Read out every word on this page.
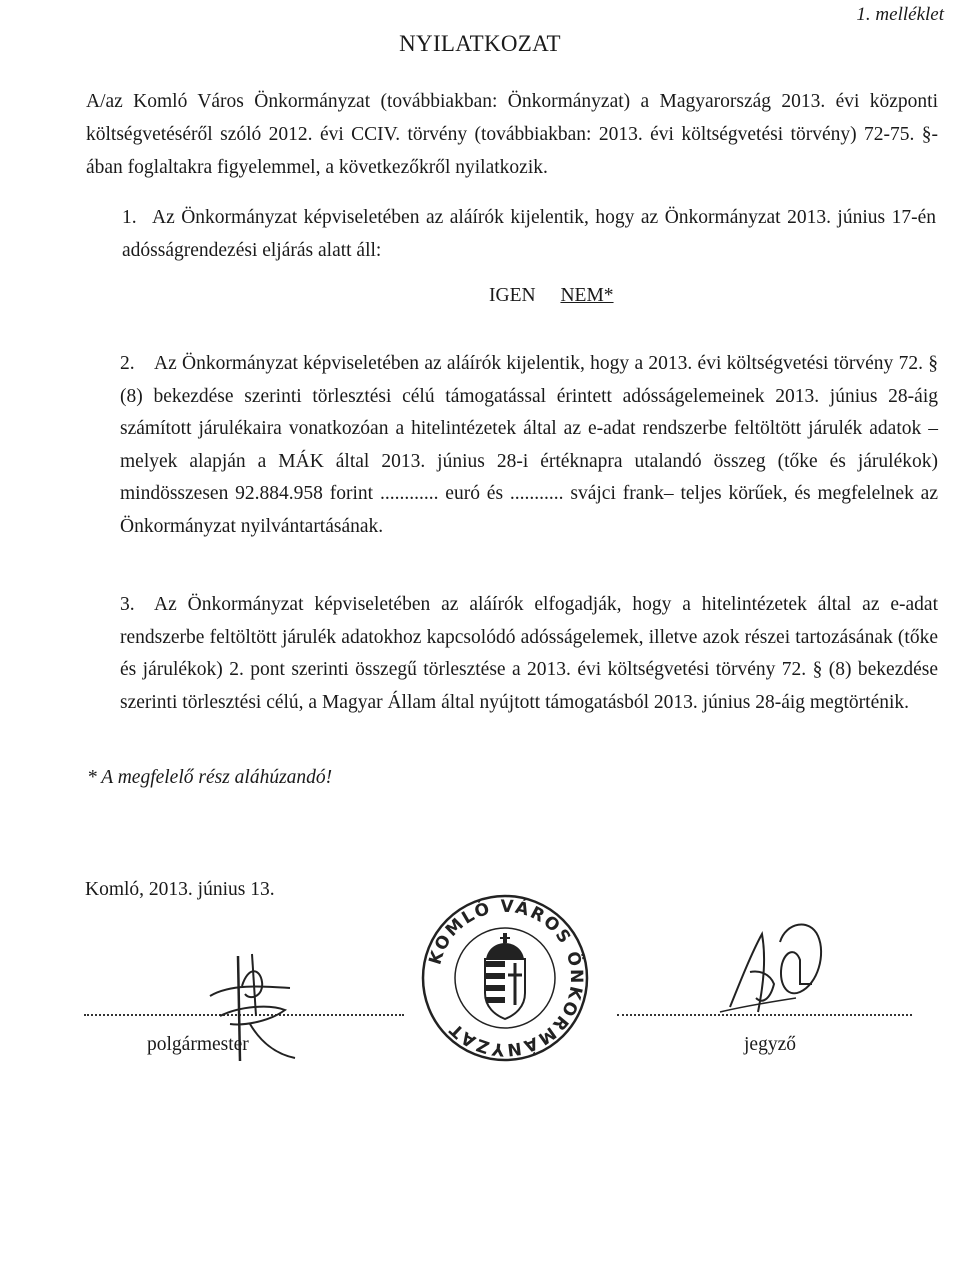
1. melléklet
NYILATKOZAT
A/az Komló Város Önkormányzat (továbbiakban: Önkormányzat) a Magyarország 2013. évi központi költségvetéséről szóló 2012. évi CCIV. törvény (továbbiakban: 2013. évi költségvetési törvény) 72-75. §-ában foglaltakra figyelemmel, a következőkről nyilatkozik.
1. Az Önkormányzat képviseletében az aláírók kijelentik, hogy az Önkormányzat 2013. június 17-én adósságrendezési eljárás alatt áll:
IGEN NEM*
2. Az Önkormányzat képviseletében az aláírók kijelentik, hogy a 2013. évi költségvetési törvény 72. § (8) bekezdése szerinti törlesztési célú támogatással érintett adósságelemeinek 2013. június 28-áig számított járulékaira vonatkozóan a hitelintézetek által az e-adat rendszerbe feltöltött járulék adatok – melyek alapján a MÁK által 2013. június 28-i értéknapra utalandó összeg (tőke és járulékok) mindösszesen 92.884.958 forint ............ euró és ........... svájci frank– teljes körűek, és megfelelnek az Önkormányzat nyilvántartásának.
3. Az Önkormányzat képviseletében az aláírók elfogadják, hogy a hitelintézetek által az e-adat rendszerbe feltöltött járulék adatokhoz kapcsolódó adósságelemek, illetve azok részei tartozásának (tőke és járulékok) 2. pont szerinti összegű törlesztése a 2013. évi költségvetési törvény 72. § (8) bekezdése szerinti törlesztési célú, a Magyar Állam által nyújtott támogatásból 2013. június 28-áig megtörténik.
* A megfelelő rész aláhúzandó!
Komló, 2013. június 13.
KOMLÓ VÁROS ÖNKORMÁNYZAT
polgármester	jegyző
